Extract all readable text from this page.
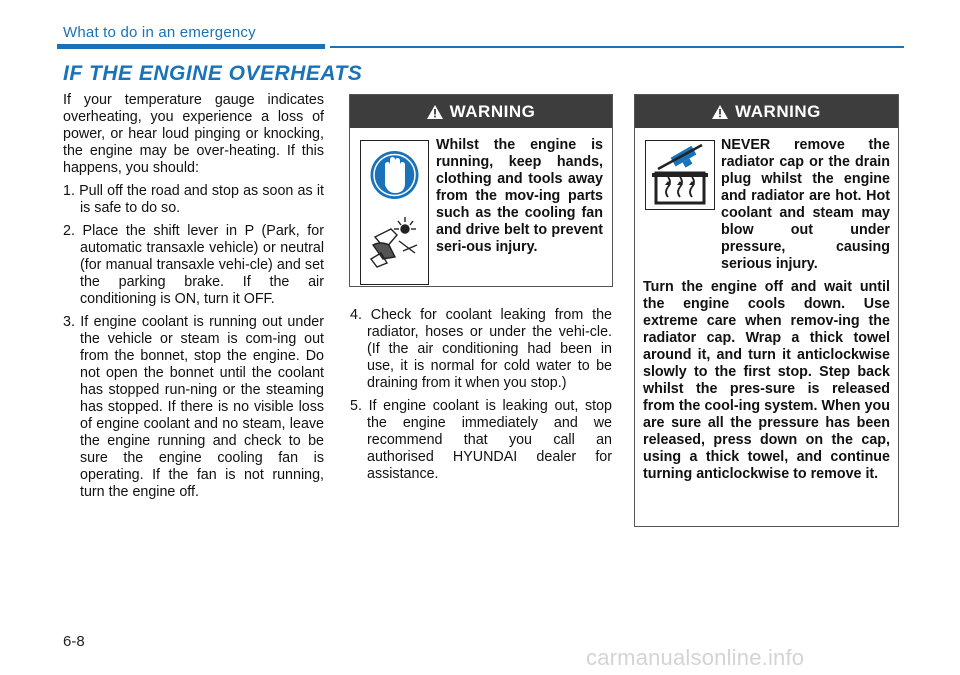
What to do in an emergency
IF THE ENGINE OVERHEATS

If your temperature gauge indicates overheating, you experience a loss of power, or hear loud pinging or knocking, the engine may be over-heating. If this happens, you should:

1. Pull off the road and stop as soon as it is safe to do so.
2. Place the shift lever in P (Park, for automatic transaxle vehicle) or neutral (for manual transaxle vehi-cle) and set the parking brake. If the air conditioning is ON, turn it OFF.
3. If engine coolant is running out under the vehicle or steam is com-ing out from the bonnet, stop the engine. Do not open the bonnet until the coolant has stopped run-ning or the steaming has stopped. If there is no visible loss of engine coolant and no steam, leave the engine running and check to be sure the engine cooling fan is operating. If the fan is not running, turn the engine off.
WARNING
Whilst the engine is running, keep hands, clothing and tools away from the mov-ing parts such as the cooling fan and drive belt to prevent seri-ous injury.
4. Check for coolant leaking from the radiator, hoses or under the vehi-cle. (If the air conditioning had been in use, it is normal for cold water to be draining from it when you stop.)
5. If engine coolant is leaking out, stop the engine immediately and we recommend that you call an authorised HYUNDAI dealer for assistance.
WARNING

NEVER remove the radiator cap or the drain plug whilst the engine and radiator are hot. Hot coolant and steam may blow out under pressure, causing serious injury.

Turn the engine off and wait until the engine cools down. Use extreme care when remov-ing the radiator cap. Wrap a thick towel around it, and turn it anticlockwise slowly to the first stop. Step back whilst the pres-sure is released from the cool-ing system. When you are sure all the pressure has been released, press down on the cap, using a thick towel, and continue turning anticlockwise to remove it.

6-8
carmanualsonline.info
